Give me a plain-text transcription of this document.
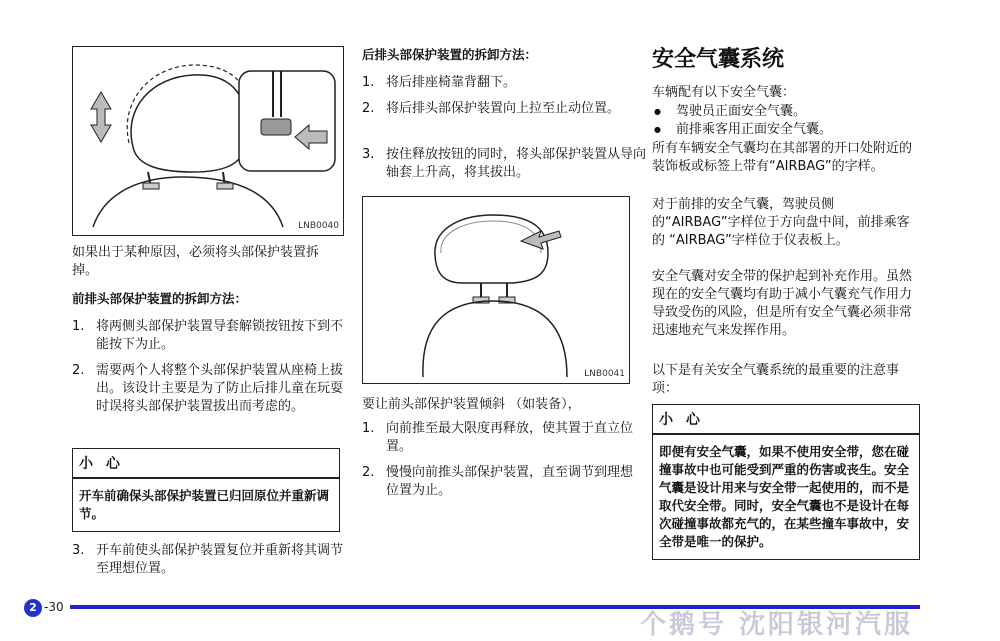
LNB0040
如果出于某种原因，必须将头部保护装置拆掉。
前排头部保护装置的拆卸方法：
1. 将两侧头部保护装置导套解锁按钮按下到不能按下为止。
2. 需要两个人将整个头部保护装置从座椅上拔出。该设计主要是为了防止后排儿童在玩耍时误将头部保护装置拔出而考虑的。
小 心
开车前确保头部保护装置已归回原位并重新调节。
3. 开车前使头部保护装置复位并重新将其调节至理想位置。
后排头部保护装置的拆卸方法：
1. 将后排座椅靠背翻下。
2. 将后排头部保护装置向上拉至止动位置。
3. 按住释放按钮的同时，将头部保护装置从导向轴套上升高，将其拔出。
LNB0041
要让前头部保护装置倾斜 （如装备），
1. 向前推至最大限度再释放，使其置于直立位置。
2. 慢慢向前推头部保护装置，直至调节到理想位置为止。
安全气囊系统
车辆配有以下安全气囊：
● 驾驶员正面安全气囊。
● 前排乘客用正面安全气囊。
所有车辆安全气囊均在其部署的开口处附近的装饰板或标签上带有“AIRBAG”的字样。
对于前排的安全气囊，驾驶员侧的“AIRBAG”字样位于方向盘中间，前排乘客的 “AIRBAG”字样位于仪表板上。
安全气囊对安全带的保护起到补充作用。虽然现在的安全气囊均有助于减小气囊充气作用力导致受伤的风险，但是所有安全气囊必须非常迅速地充气来发挥作用。
以下是有关安全气囊系统的最重要的注意事项：
小 心
即便有安全气囊，如果不使用安全带，您在碰撞事故中也可能受到严重的伤害或丧生。安全气囊是设计用来与安全带一起使用的，而不是取代安全带。同时，安全气囊也不是设计在每次碰撞事故都充气的，在某些撞车事故中，安全带是唯一的保护。
2 -30
个鹅号 沈阳银河汽服
